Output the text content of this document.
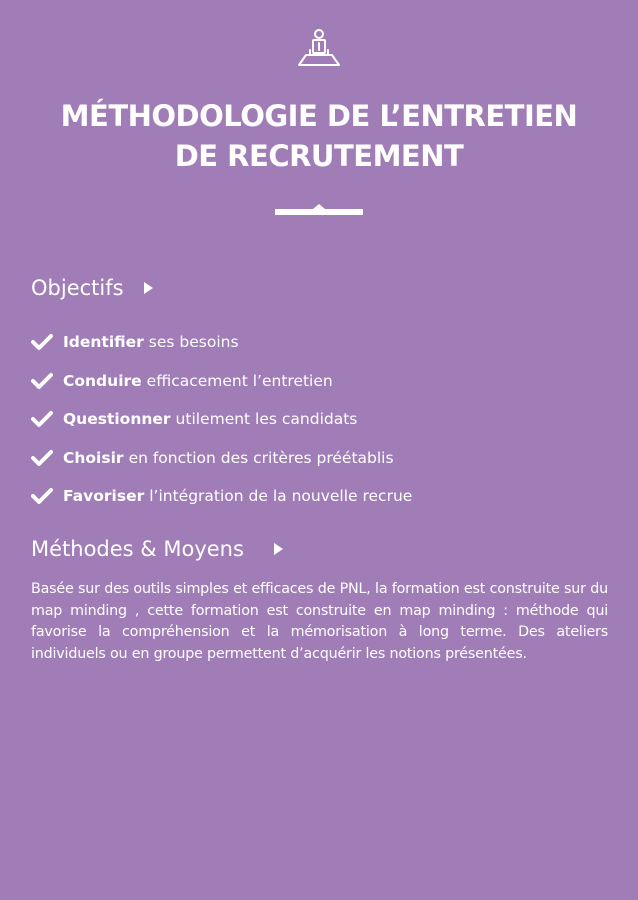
MÉTHODOLOGIE DE L’ENTRETIEN
DE RECRUTEMENT
Objectifs
Identifier ses besoins
Conduire efficacement l’entretien
Questionner utilement les candidats
Choisir en fonction des critères préétablis
Favoriser l’intégration de la nouvelle recrue
Méthodes & Moyens

Basée sur des outils simples et efficaces de PNL, la formation est construite sur du map minding , cette formation est construite en map minding : méthode qui favorise la compréhension et la mémorisation à long terme. Des ateliers individuels ou en groupe permettent d’acquérir les notions présentées.
